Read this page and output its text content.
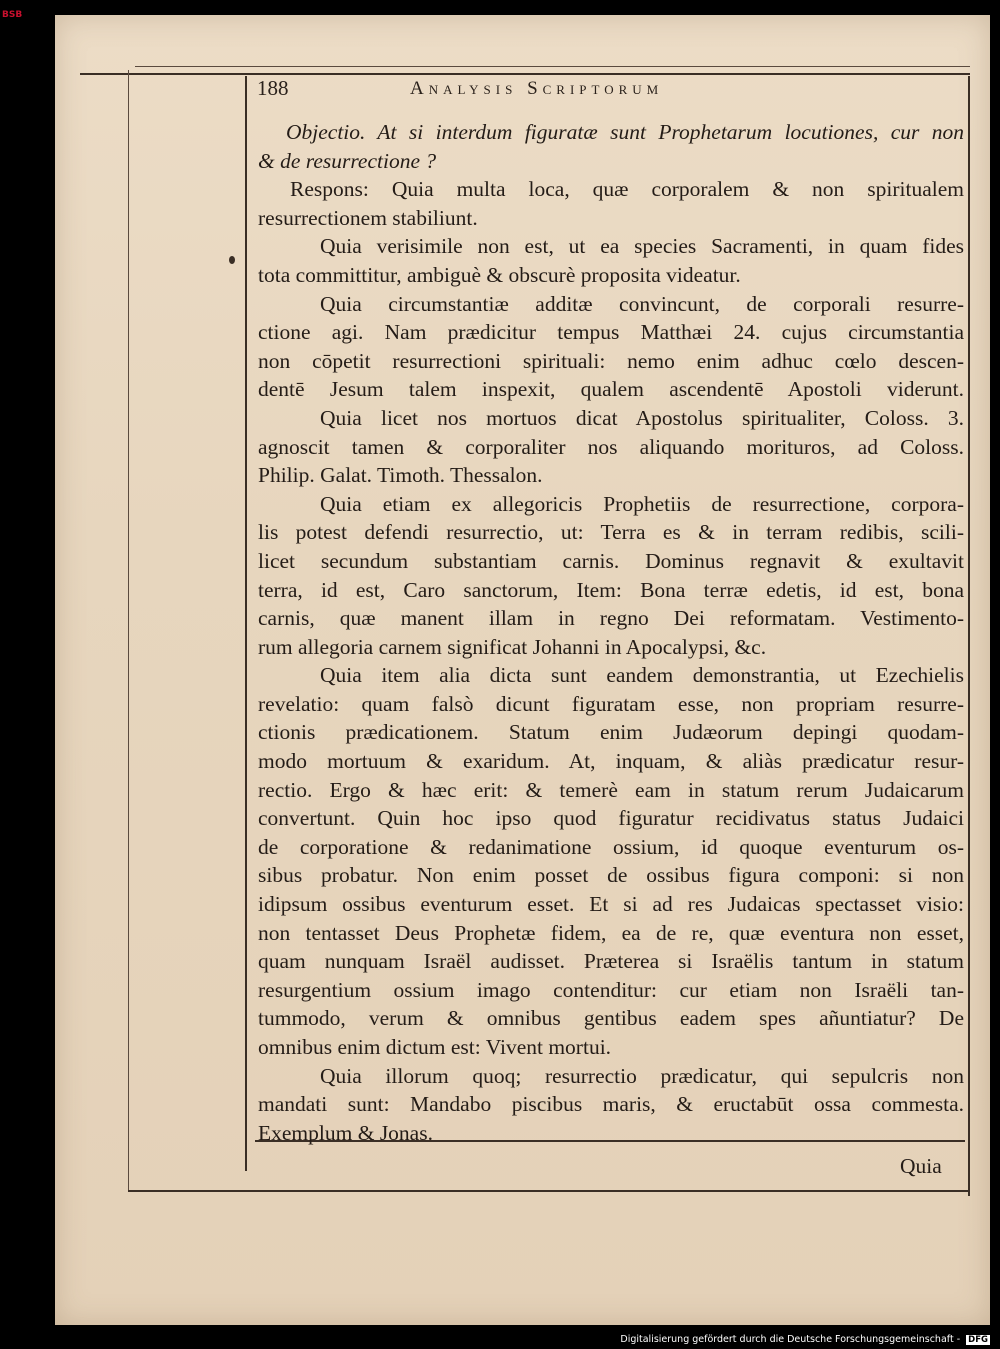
BSB
188	Analysis Scriptorum
Objectio. At si interdum figuratæ sunt Prophetarum locutiones, cur non
& de resurrectione ?
Respons: Quia multa loca, quæ corporalem & non spiritualem
resurrectionem stabiliunt.
Quia verisimile non est, ut ea species Sacramenti, in quam fides
tota committitur, ambiguè & obscurè proposita videatur.
Quia circumstantiæ additæ convincunt, de corporali resurre-
ctione agi. Nam prædicitur tempus Matthæi 24. cujus circumstantia
non cōpetit resurrectioni spirituali: nemo enim adhuc cœlo descen-
dentē Jesum talem inspexit, qualem ascendentē Apostoli viderunt.
Quia licet nos mortuos dicat Apostolus spiritualiter, Coloss. 3.
agnoscit tamen & corporaliter nos aliquando morituros, ad Coloss.
Philip. Galat. Timoth. Thessalon.
Quia etiam ex allegoricis Prophetiis de resurrectione, corpora-
lis potest defendi resurrectio, ut: Terra es & in terram redibis, scili-
licet secundum substantiam carnis. Dominus regnavit & exultavit
terra, id est, Caro sanctorum, Item: Bona terræ edetis, id est, bona
carnis, quæ manent illam in regno Dei reformatam. Vestimento-
rum allegoria carnem significat Johanni in Apocalypsi, &c.
Quia item alia dicta sunt eandem demonstrantia, ut Ezechielis
revelatio: quam falsò dicunt figuratam esse, non propriam resurre-
ctionis prædicationem. Statum enim Judæorum depingi quodam-
modo mortuum & exaridum. At, inquam, & aliàs prædicatur resur-
rectio. Ergo & hæc erit: & temerè eam in statum rerum Judaicarum
convertunt. Quin hoc ipso quod figuratur recidivatus status Judaici
de corporatione & redanimatione ossium, id quoque eventurum os-
sibus probatur. Non enim posset de ossibus figura componi: si non
idipsum ossibus eventurum esset. Et si ad res Judaicas spectasset visio:
non tentasset Deus Prophetæ fidem, ea de re, quæ eventura non esset,
quam nunquam Israël audisset. Præterea si Israëlis tantum in statum
resurgentium ossium imago contenditur: cur etiam non Israëli tan-
tummodo, verum & omnibus gentibus eadem spes añuntiatur? De
omnibus enim dictum est: Vivent mortui.
Quia illorum quoq; resurrectio prædicatur, qui sepulcris non
mandati sunt: Mandabo piscibus maris, & eructabūt ossa commesta.
Exemplum & Jonas.
Quia
Digitalisierung gefördert durch die Deutsche Forschungsgemeinschaft - DFG
